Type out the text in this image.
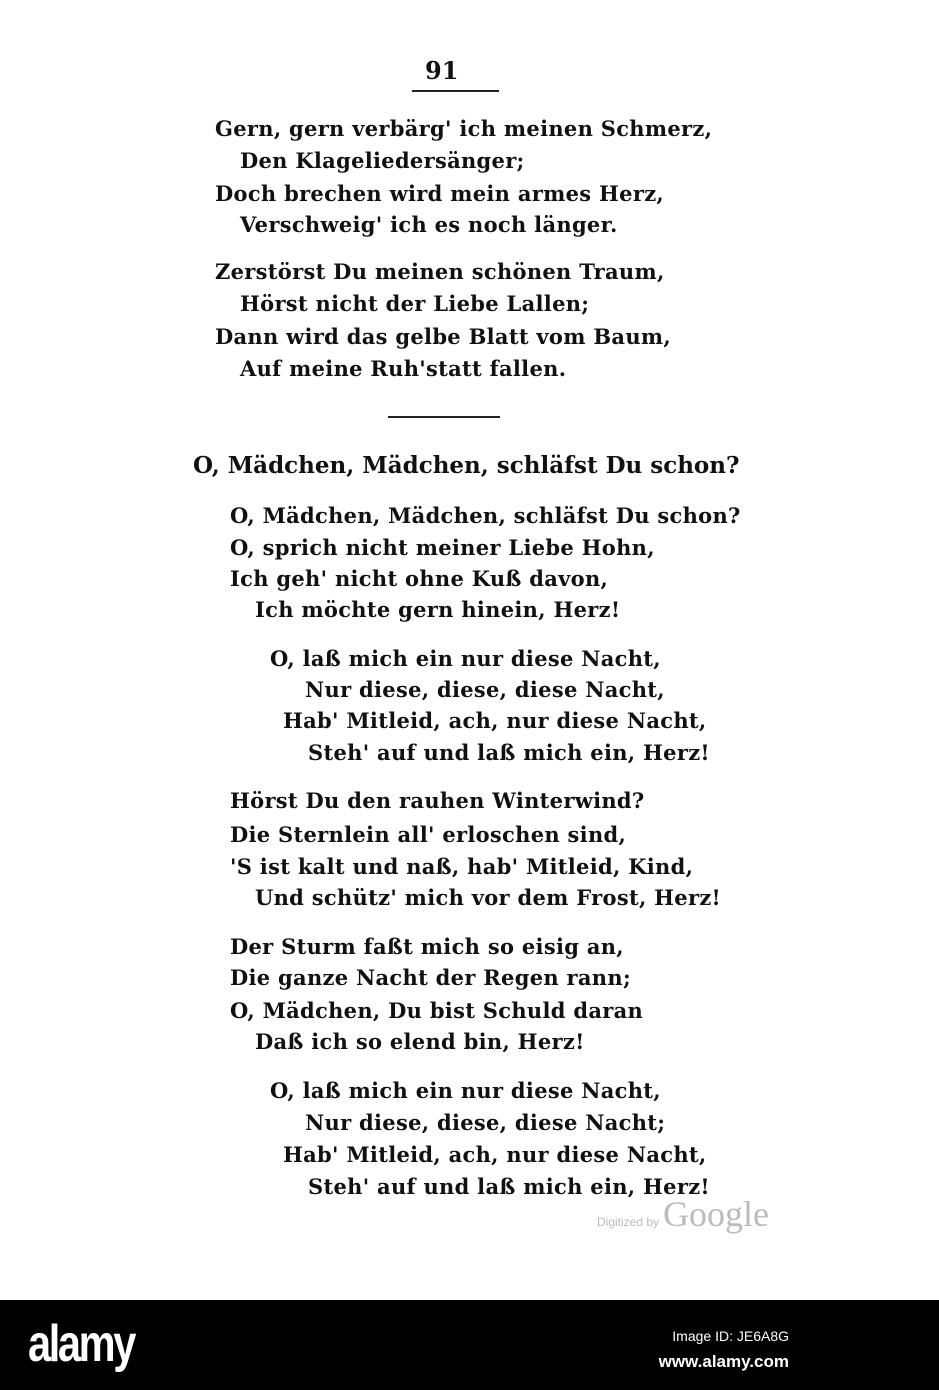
91
Gern, gern verbärg' ich meinen Schmerz,
Den Klageliedersänger;
Doch brechen wird mein armes Herz,
Verschweig' ich es noch länger.
Zerstörst Du meinen schönen Traum,
Hörst nicht der Liebe Lallen;
Dann wird das gelbe Blatt vom Baum,
Auf meine Ruh'statt fallen.
O, Mädchen, Mädchen, schläfst Du schon?
O, Mädchen, Mädchen, schläfst Du schon?
O, sprich nicht meiner Liebe Hohn,
Ich geh' nicht ohne Kuß davon,
Ich möchte gern hinein, Herz!
O, laß mich ein nur diese Nacht,
Nur diese, diese, diese Nacht,
Hab' Mitleid, ach, nur diese Nacht,
Steh' auf und laß mich ein, Herz!
Hörst Du den rauhen Winterwind?
Die Sternlein all' erloschen sind,
'S ist kalt und naß, hab' Mitleid, Kind,
Und schütz' mich vor dem Frost, Herz!
Der Sturm faßt mich so eisig an,
Die ganze Nacht der Regen rann;
O, Mädchen, Du bist Schuld daran
Daß ich so elend bin, Herz!
O, laß mich ein nur diese Nacht,
Nur diese, diese, diese Nacht;
Hab' Mitleid, ach, nur diese Nacht,
Steh' auf und laß mich ein, Herz!
Digitized by Google
alamy	Image ID: JE6A8G
www.alamy.com
